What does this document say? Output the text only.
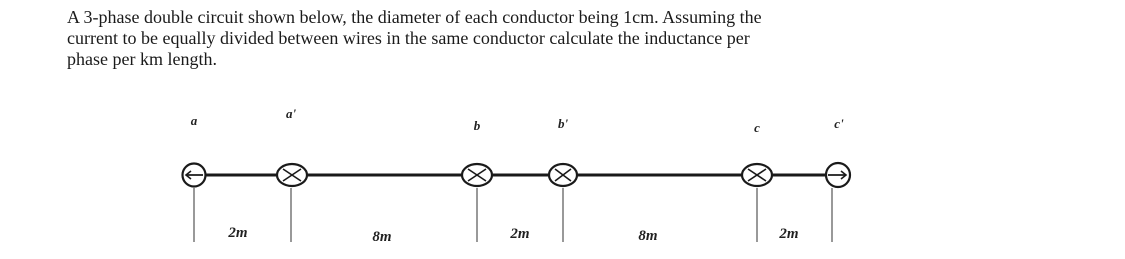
A 3-phase double circuit shown below, the diameter of each conductor being 1cm. Assuming the
current to be equally divided between wires in the same conductor calculate the inductance per
phase per km length.
a	a'
b	b'	c	c'
2m	8m	2m	8m	2m
